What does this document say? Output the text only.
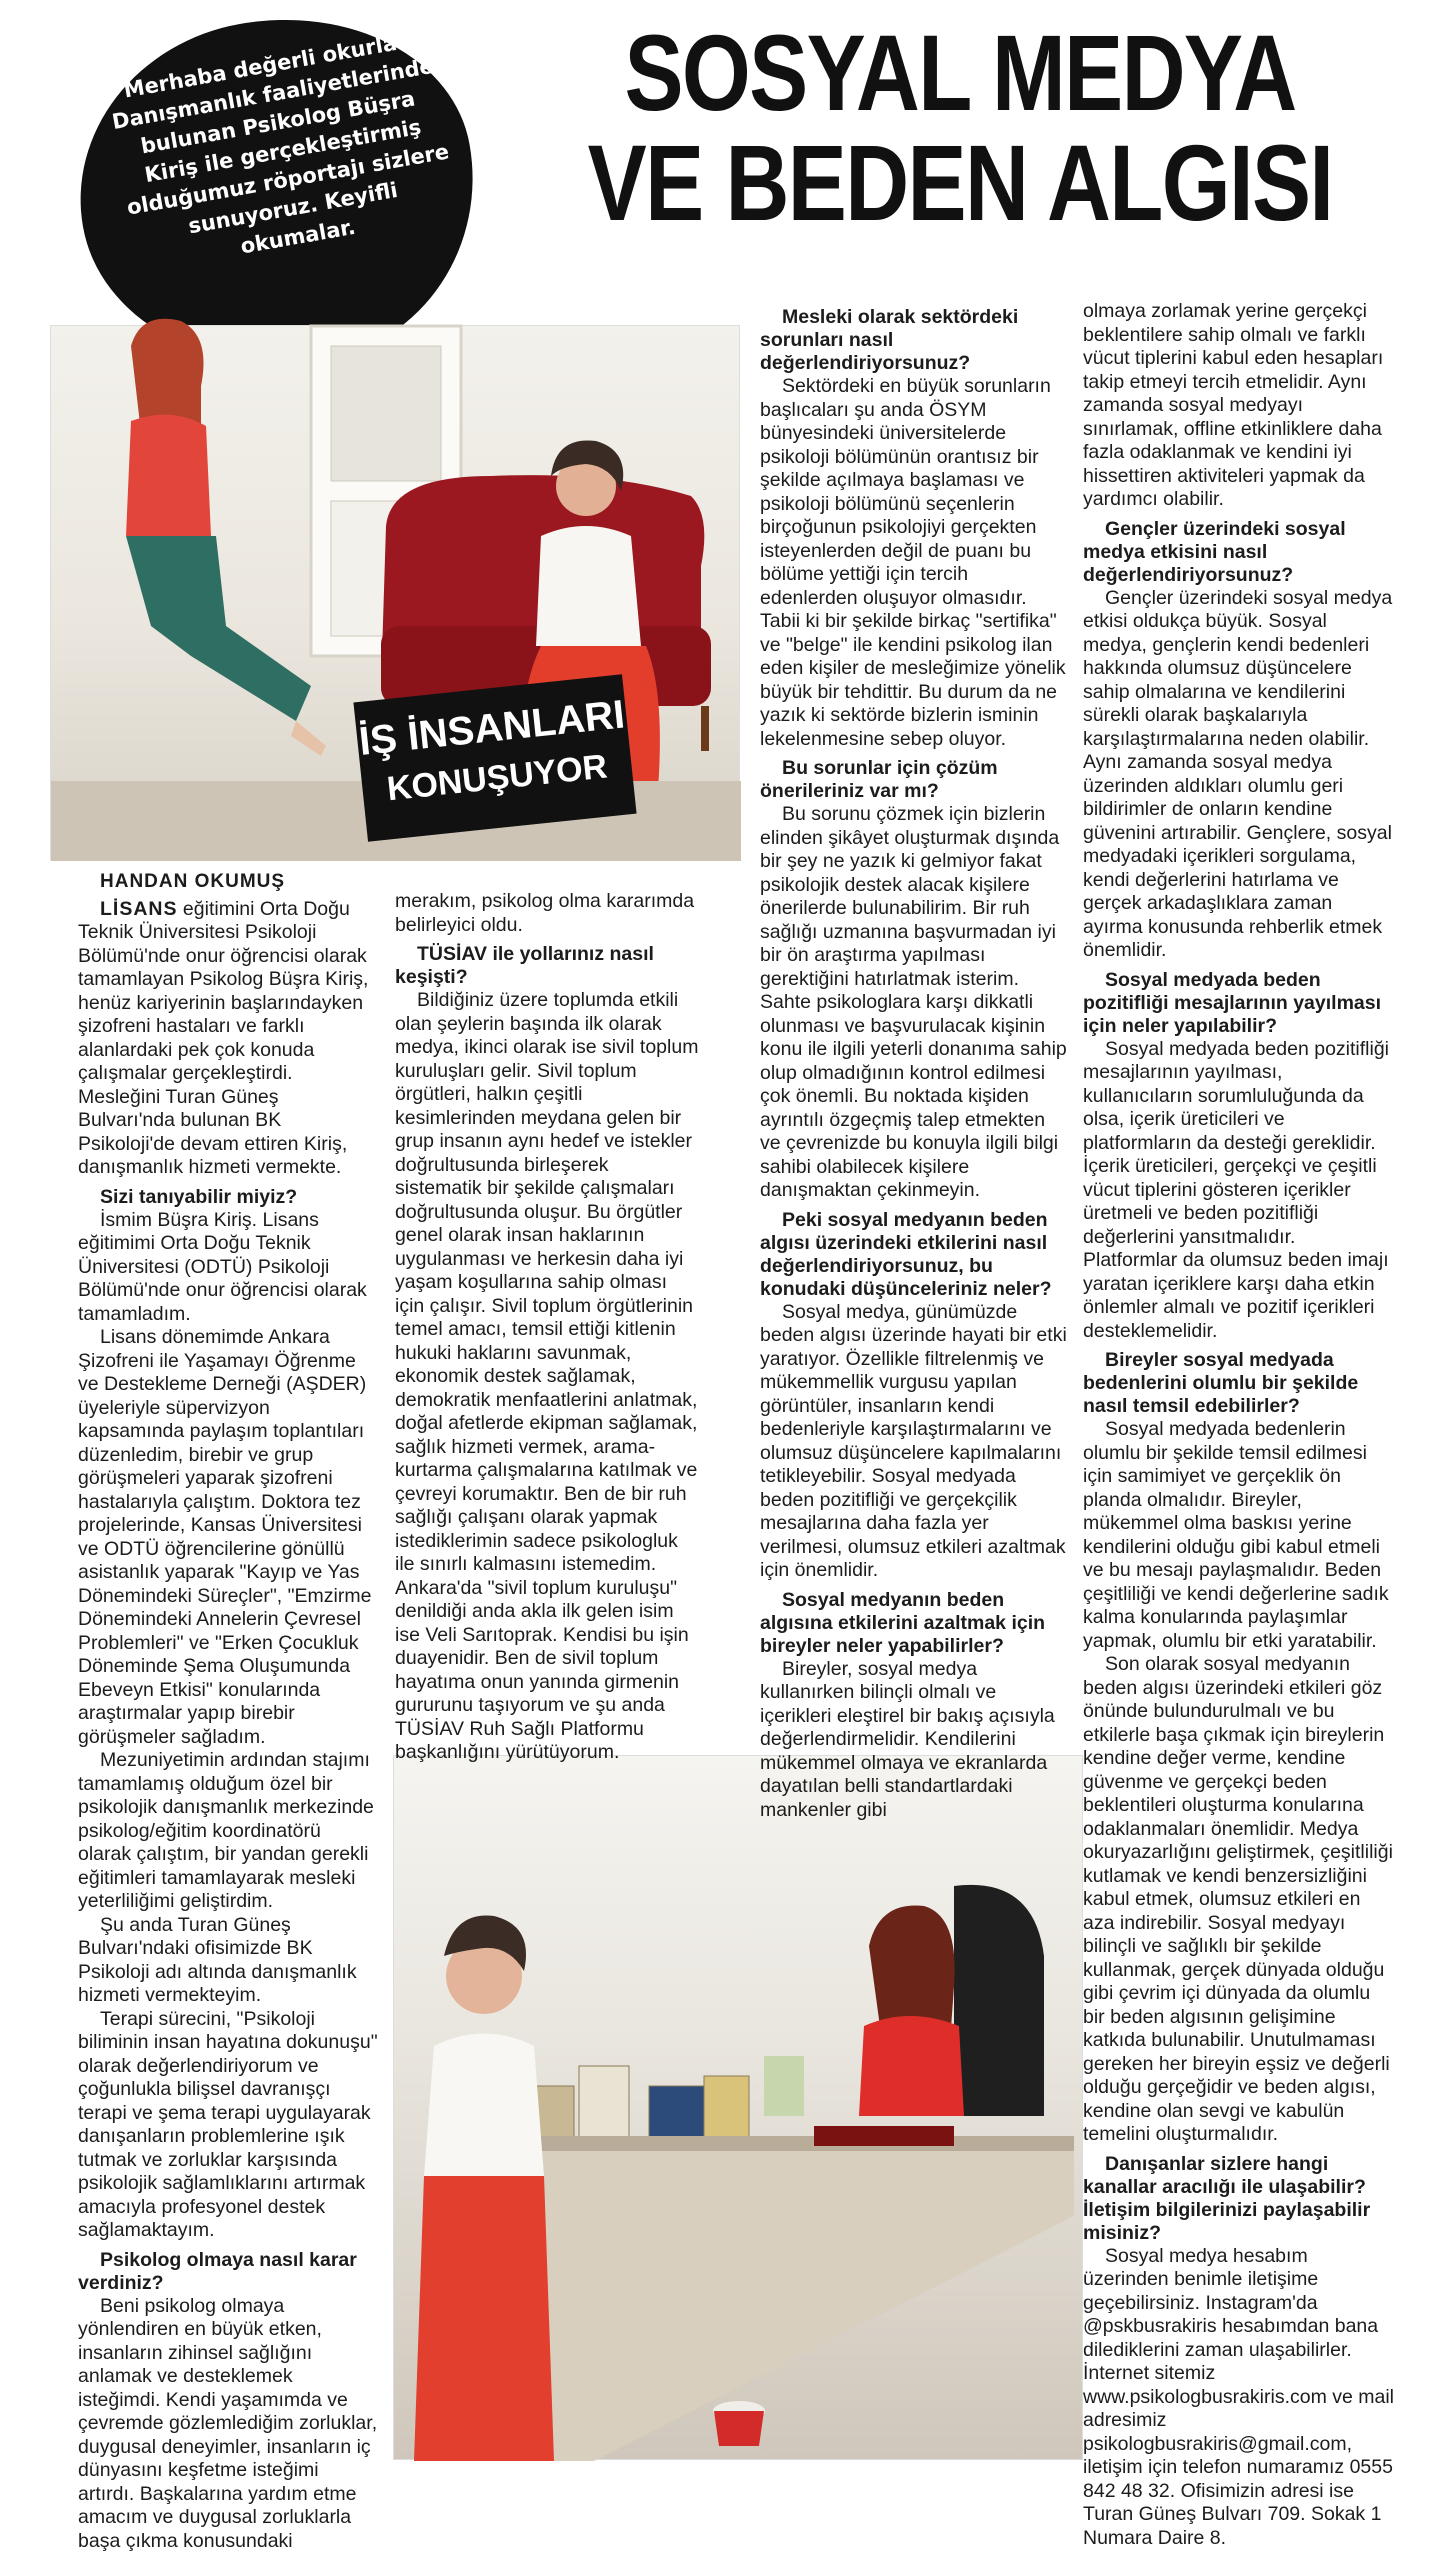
SOSYAL MEDYA
VE BEDEN ALGISI
Merhaba değerli okurlar. Danışmanlık faaliyetlerinde bulunan Psikolog Büşra Kiriş ile gerçekleştirmiş olduğumuz röportajı sizlere sunuyoruz. Keyifli okumalar.
İŞ İNSANLARI
KONUŞUYOR

HANDAN OKUMUŞ

LİSANS eğitimini Orta Doğu Teknik Üniversitesi Psikoloji Bölümü'nde onur öğrencisi olarak tamamlayan Psikolog Büşra Kiriş, henüz kariyerinin başlarındayken şizofreni hastaları ve farklı alanlardaki pek çok konuda çalışmalar gerçekleştirdi. Mesleğini Turan Güneş Bulvarı'nda bulunan BK Psikoloji'de devam ettiren Kiriş, danışmanlık hizmeti vermekte.

Sizi tanıyabilir miyiz?

İsmim Büşra Kiriş. Lisans eğitimimi Orta Doğu Teknik Üniversitesi (ODTÜ) Psikoloji Bölümü'nde onur öğrencisi olarak tamamladım.

Lisans dönemimde Ankara Şizofreni ile Yaşamayı Öğrenme ve Destekleme Derneği (AŞDER) üyeleriyle süpervizyon kapsamında paylaşım toplantıları düzenledim, birebir ve grup görüşmeleri yaparak şizofreni hastalarıyla çalıştım. Doktora tez projelerinde, Kansas Üniversitesi ve ODTÜ öğrencilerine gönüllü asistanlık yaparak "Kayıp ve Yas Dönemindeki Süreçler", "Emzirme Dönemindeki Annelerin Çevresel Problemleri" ve "Erken Çocukluk Döneminde Şema Oluşumunda Ebeveyn Etkisi" konularında araştırmalar yapıp birebir görüşmeler sağladım.

Mezuniyetimin ardından stajımı tamamlamış olduğum özel bir psikolojik danışmanlık merkezinde psikolog/eğitim koordinatörü olarak çalıştım, bir yandan gerekli eğitimleri tamamlayarak mesleki yeterliliğimi geliştirdim.

Şu anda Turan Güneş Bulvarı'ndaki ofisimizde BK Psikoloji adı altında danışmanlık hizmeti vermekteyim.

Terapi sürecini, "Psikoloji biliminin insan hayatına dokunuşu" olarak değerlendiriyorum ve çoğunlukla bilişsel davranışçı terapi ve şema terapi uygulayarak danışanların problemlerine ışık tutmak ve zorluklar karşısında psikolojik sağlamlıklarını artırmak amacıyla profesyonel destek sağlamaktayım.

Psikolog olmaya nasıl karar verdiniz?

Beni psikolog olmaya yönlendiren en büyük etken, insanların zihinsel sağlığını anlamak ve desteklemek isteğimdi. Kendi yaşamımda ve çevremde gözlemlediğim zorluklar, duygusal deneyimler, insanların iç dünyasını keşfetme isteğimi artırdı. Başkalarına yardım etme amacım ve duygusal zorluklarla başa çıkma konusundaki

merakım, psikolog olma kararımda belirleyici oldu.

TÜSİAV ile yollarınız nasıl keşişti?

Bildiğiniz üzere toplumda etkili olan şeylerin başında ilk olarak medya, ikinci olarak ise sivil toplum kuruluşları gelir. Sivil toplum örgütleri, halkın çeşitli kesimlerinden meydana gelen bir grup insanın aynı hedef ve istekler doğrultusunda birleşerek sistematik bir şekilde çalışmaları doğrultusunda oluşur. Bu örgütler genel olarak insan haklarının uygulanması ve herkesin daha iyi yaşam koşullarına sahip olması için çalışır. Sivil toplum örgütlerinin temel amacı, temsil ettiği kitlenin hukuki haklarını savunmak, ekonomik destek sağlamak, demokratik menfaatlerini anlatmak, doğal afetlerde ekipman sağlamak, sağlık hizmeti vermek, arama-kurtarma çalışmalarına katılmak ve çevreyi korumaktır. Ben de bir ruh sağlığı çalışanı olarak yapmak istediklerimin sadece psikologluk ile sınırlı kalmasını istemedim. Ankara'da "sivil toplum kuruluşu" denildiği anda akla ilk gelen isim ise Veli Sarıtoprak. Kendisi bu işin duayenidir. Ben de sivil toplum hayatıma onun yanında girmenin gururunu taşıyorum ve şu anda TÜSİAV Ruh Sağlı Platformu başkanlığını yürütüyorum.

Mesleki olarak sektördeki sorunları nasıl değerlendiriyorsunuz?

Sektördeki en büyük sorunların başlıcaları şu anda ÖSYM bünyesindeki üniversitelerde psikoloji bölümünün orantısız bir şekilde açılmaya başlaması ve psikoloji bölümünü seçenlerin birçoğunun psikolojiyi gerçekten isteyenlerden değil de puanı bu bölüme yettiği için tercih edenlerden oluşuyor olmasıdır. Tabii ki bir şekilde birkaç "sertifika" ve "belge" ile kendini psikolog ilan eden kişiler de mesleğimize yönelik büyük bir tehdittir. Bu durum da ne yazık ki sektörde bizlerin isminin lekelenmesine sebep oluyor.

Bu sorunlar için çözüm önerileriniz var mı?

Bu sorunu çözmek için bizlerin elinden şikâyet oluşturmak dışında bir şey ne yazık ki gelmiyor fakat psikolojik destek alacak kişilere önerilerde bulunabilirim. Bir ruh sağlığı uzmanına başvurmadan iyi bir ön araştırma yapılması gerektiğini hatırlatmak isterim. Sahte psikologlara karşı dikkatli olunması ve başvurulacak kişinin konu ile ilgili yeterli donanıma sahip olup olmadığının kontrol edilmesi çok önemli. Bu noktada kişiden ayrıntılı özgeçmiş talep etmekten ve çevrenizde bu konuyla ilgili bilgi sahibi olabilecek kişilere danışmaktan çekinmeyin.

Peki sosyal medyanın beden algısı üzerindeki etkilerini nasıl değerlendiriyorsunuz, bu konudaki düşünceleriniz neler?

Sosyal medya, günümüzde beden algısı üzerinde hayati bir etki yaratıyor. Özellikle filtrelenmiş ve mükemmellik vurgusu yapılan görüntüler, insanların kendi bedenleriyle karşılaştırmalarını ve olumsuz düşüncelere kapılmalarını tetikleyebilir. Sosyal medyada beden pozitifliği ve gerçekçilik mesajlarına daha fazla yer verilmesi, olumsuz etkileri azaltmak için önemlidir.

Sosyal medyanın beden algısına etkilerini azaltmak için bireyler neler yapabilirler?

Bireyler, sosyal medya kullanırken bilinçli olmalı ve içerikleri eleştirel bir bakış açısıyla değerlendirmelidir. Kendilerini mükemmel olmaya ve ekranlarda dayatılan belli standartlardaki mankenler gibi

olmaya zorlamak yerine gerçekçi beklentilere sahip olmalı ve farklı vücut tiplerini kabul eden hesapları takip etmeyi tercih etmelidir. Aynı zamanda sosyal medyayı sınırlamak, offline etkinliklere daha fazla odaklanmak ve kendini iyi hissettiren aktiviteleri yapmak da yardımcı olabilir.

Gençler üzerindeki sosyal medya etkisini nasıl değerlendiriyorsunuz?

Gençler üzerindeki sosyal medya etkisi oldukça büyük. Sosyal medya, gençlerin kendi bedenleri hakkında olumsuz düşüncelere sahip olmalarına ve kendilerini sürekli olarak başkalarıyla karşılaştırmalarına neden olabilir. Aynı zamanda sosyal medya üzerinden aldıkları olumlu geri bildirimler de onların kendine güvenini artırabilir. Gençlere, sosyal medyadaki içerikleri sorgulama, kendi değerlerini hatırlama ve gerçek arkadaşlıklara zaman ayırma konusunda rehberlik etmek önemlidir.

Sosyal medyada beden pozitifliği mesajlarının yayılması için neler yapılabilir?

Sosyal medyada beden pozitifliği mesajlarının yayılması, kullanıcıların sorumluluğunda da olsa, içerik üreticileri ve platformların da desteği gereklidir. İçerik üreticileri, gerçekçi ve çeşitli vücut tiplerini gösteren içerikler üretmeli ve beden pozitifliği değerlerini yansıtmalıdır. Platformlar da olumsuz beden imajı yaratan içeriklere karşı daha etkin önlemler almalı ve pozitif içerikleri desteklemelidir.

Bireyler sosyal medyada bedenlerini olumlu bir şekilde nasıl temsil edebilirler?

Sosyal medyada bedenlerin olumlu bir şekilde temsil edilmesi için samimiyet ve gerçeklik ön planda olmalıdır. Bireyler, mükemmel olma baskısı yerine kendilerini olduğu gibi kabul etmeli ve bu mesajı paylaşmalıdır. Beden çeşitliliği ve kendi değerlerine sadık kalma konularında paylaşımlar yapmak, olumlu bir etki yaratabilir.

Son olarak sosyal medyanın beden algısı üzerindeki etkileri göz önünde bulundurulmalı ve bu etkilerle başa çıkmak için bireylerin kendine değer verme, kendine güvenme ve gerçekçi beden beklentileri oluşturma konularına odaklanmaları önemlidir. Medya okuryazarlığını geliştirmek, çeşitliliği kutlamak ve kendi benzersizliğini kabul etmek, olumsuz etkileri en aza indirebilir. Sosyal medyayı bilinçli ve sağlıklı bir şekilde kullanmak, gerçek dünyada olduğu gibi çevrim içi dünyada da olumlu bir beden algısının gelişimine katkıda bulunabilir. Unutulmaması gereken her bireyin eşsiz ve değerli olduğu gerçeğidir ve beden algısı, kendine olan sevgi ve kabulün temelini oluşturmalıdır.

Danışanlar sizlere hangi kanallar aracılığı ile ulaşabilir? İletişim bilgilerinizi paylaşabilir misiniz?

Sosyal medya hesabım üzerinden benimle iletişime geçebilirsiniz. Instagram'da @pskbusrakiris hesabımdan bana dilediklerini zaman ulaşabilirler. İnternet sitemiz www.psikologbusrakiris.com ve mail adresimiz psikologbusrakiris@gmail.com, iletişim için telefon numaramız 0555 842 48 32. Ofisimizin adresi ise Turan Güneş Bulvarı 709. Sokak 1 Numara Daire 8.
